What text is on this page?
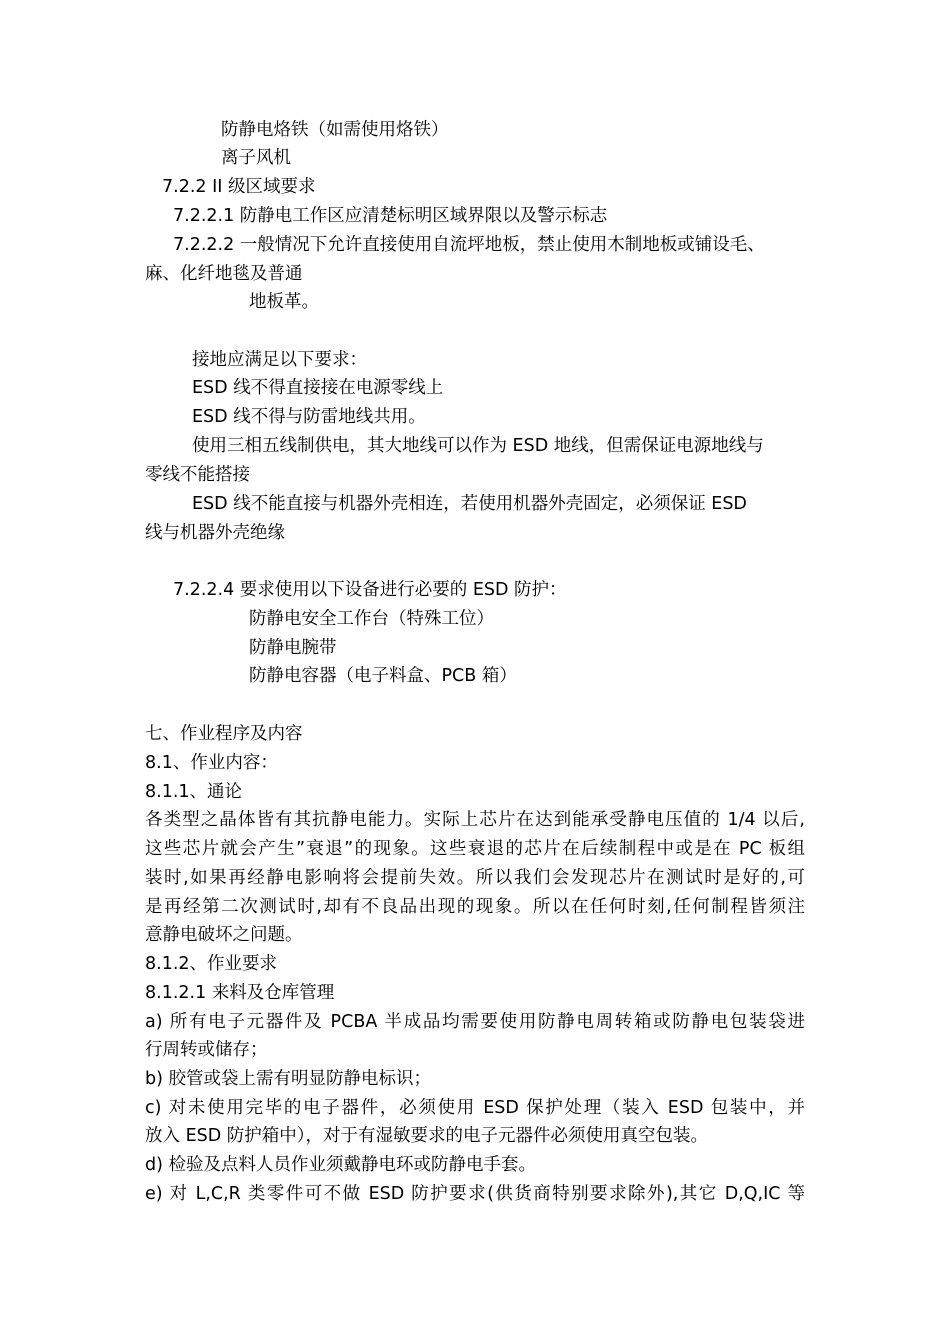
防静电烙铁（如需使用烙铁）

离子风机

7.2.2 II 级区域要求

7.2.2.1 防静电工作区应清楚标明区域界限以及警示标志

7.2.2.2 一般情况下允许直接使用自流坪地板，禁止使用木制地板或铺设毛、

麻、化纤地毯及普通

地板革。

接地应满足以下要求：

ESD 线不得直接接在电源零线上

ESD 线不得与防雷地线共用。

使用三相五线制供电，其大地线可以作为 ESD 地线，但需保证电源地线与

零线不能搭接

ESD 线不能直接与机器外壳相连，若使用机器外壳固定，必须保证 ESD

线与机器外壳绝缘

7.2.2.4 要求使用以下设备进行必要的 ESD 防护：

防静电安全工作台（特殊工位）

防静电腕带

防静电容器（电子料盒、PCB 箱）

七、作业程序及内容

8.1、作业内容：

8.1.1、通论

各类型之晶体皆有其抗静电能力。实际上芯片在达到能承受静电压值的 1/4 以后,

这些芯片就会产生”衰退”的现象。这些衰退的芯片在后续制程中或是在 PC 板组

装时,如果再经静电影响将会提前失效。所以我们会发现芯片在测试时是好的,可

是再经第二次测试时,却有不良品出现的现象。所以在任何时刻,任何制程皆须注

意静电破坏之问题。

8.1.2、作业要求

8.1.2.1 来料及仓库管理

a) 所有电子元器件及 PCBA 半成品均需要使用防静电周转箱或防静电包装袋进

行周转或储存；

b) 胶管或袋上需有明显防静电标识；

c) 对未使用完毕的电子器件，必须使用 ESD 保护处理（装入 ESD 包装中，并

放入 ESD 防护箱中），对于有湿敏要求的电子元器件必须使用真空包装。

d) 检验及点料人员作业须戴静电环或防静电手套。

e) 对 L,C,R 类零件可不做 ESD 防护要求(供货商特别要求除外),其它 D,Q,IC 等
